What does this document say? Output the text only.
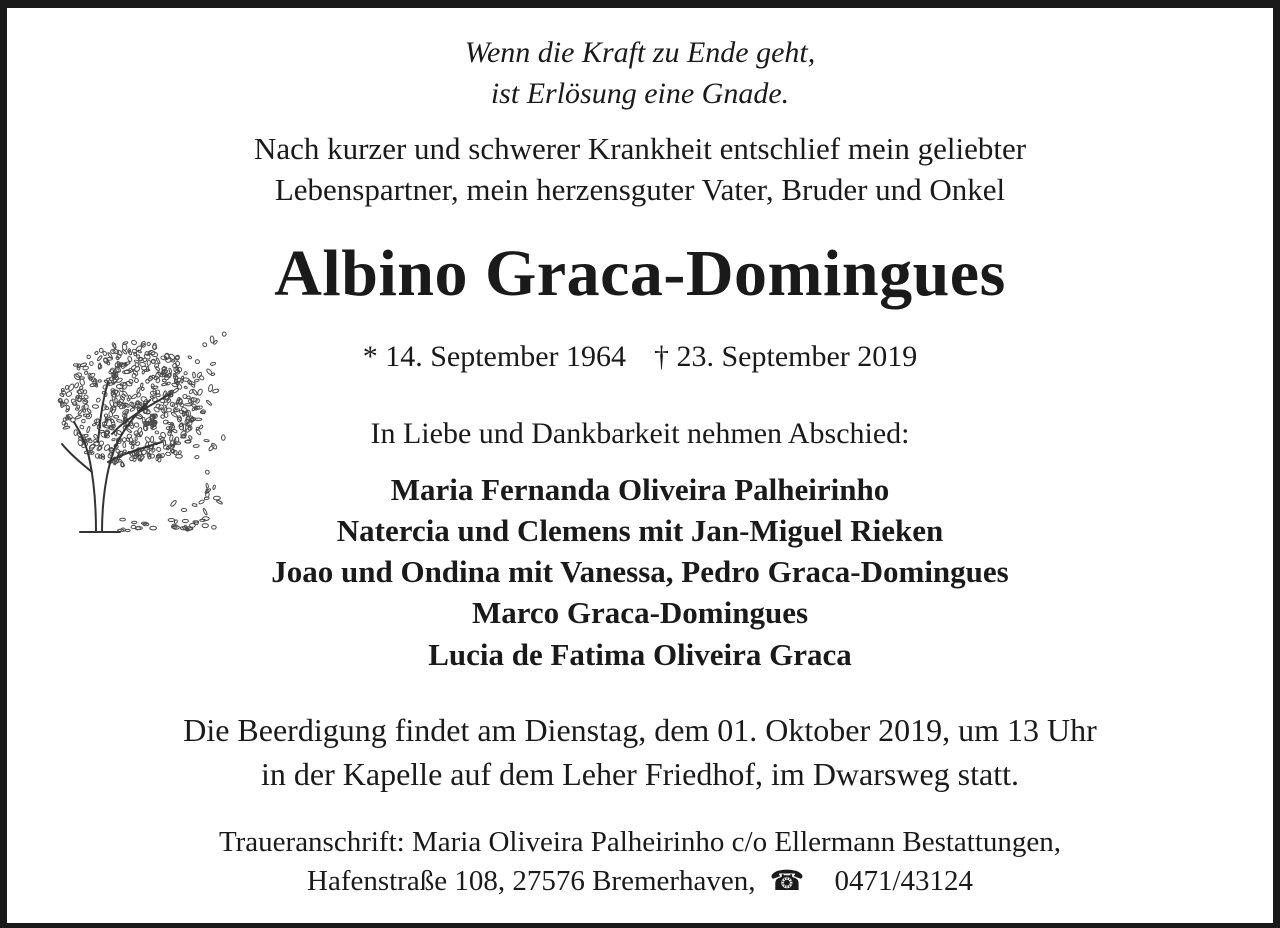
Wenn die Kraft zu Ende geht,
ist Erlösung eine Gnade.
Nach kurzer und schwerer Krankheit entschlief mein geliebter
Lebenspartner, mein herzensguter Vater, Bruder und Onkel
Albino Graca-Domingues
* 14. September 1964 † 23. September 2019
In Liebe und Dankbarkeit nehmen Abschied:
Maria Fernanda Oliveira Palheirinho
Natercia und Clemens mit Jan-Miguel Rieken
Joao und Ondina mit Vanessa, Pedro Graca-Domingues
Marco Graca-Domingues
Lucia de Fatima Oliveira Graca
Die Beerdigung findet am Dienstag, dem 01. Oktober 2019, um 13 Uhr
in der Kapelle auf dem Leher Friedhof, im Dwarsweg statt.
Traueranschrift: Maria Oliveira Palheirinho c/o Ellermann Bestattungen,
Hafenstraße 108, 27576 Bremerhaven, ☎ 0471/43124
